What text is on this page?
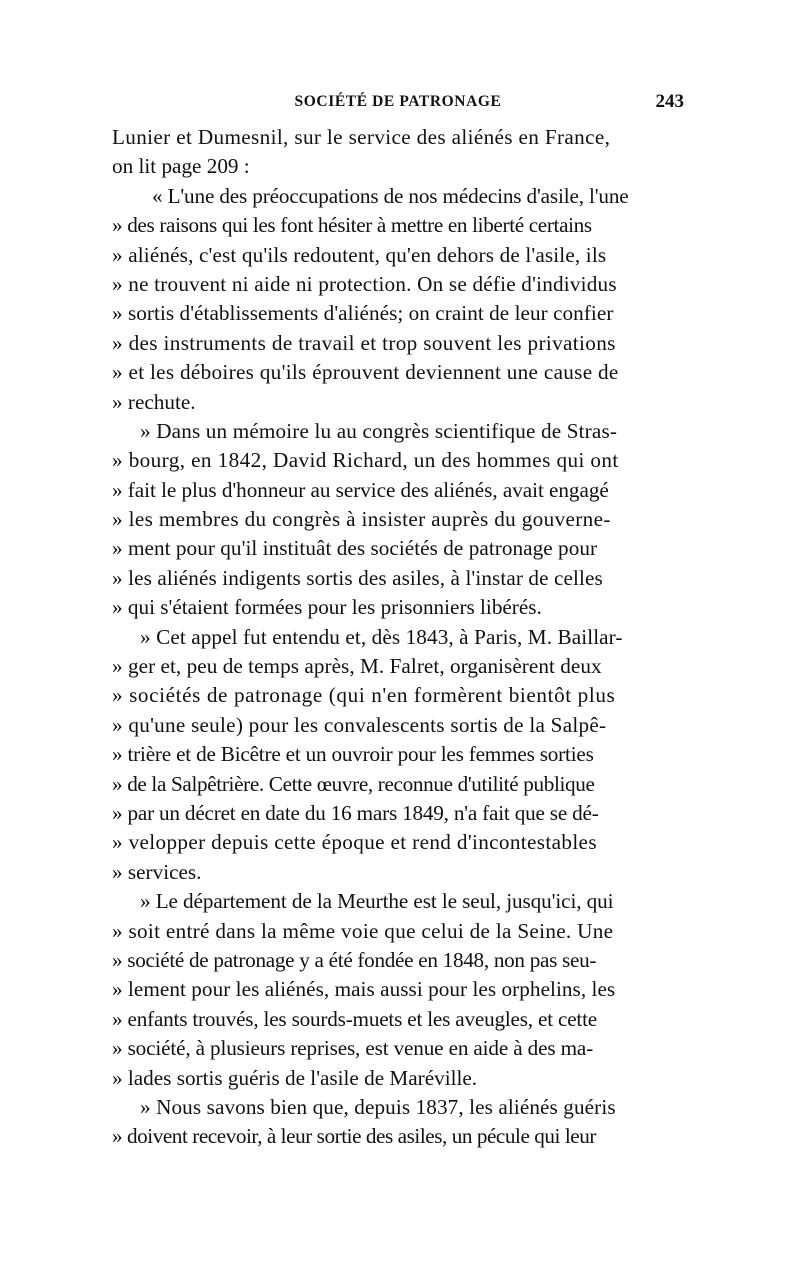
SOCIÉTÉ DE PATRONAGE	243
Lunier et Dumesnil, sur le service des aliénés en France,
on lit page 209 :
« L'une des préoccupations de nos médecins d'asile, l'une
» des raisons qui les font hésiter à mettre en liberté certains
» aliénés, c'est qu'ils redoutent, qu'en dehors de l'asile, ils
» ne trouvent ni aide ni protection. On se défie d'individus
» sortis d'établissements d'aliénés; on craint de leur confier
» des instruments de travail et trop souvent les privations
» et les déboires qu'ils éprouvent deviennent une cause de
» rechute.
» Dans un mémoire lu au congrès scientifique de Stras-
» bourg, en 1842, David Richard, un des hommes qui ont
» fait le plus d'honneur au service des aliénés, avait engagé
» les membres du congrès à insister auprès du gouverne-
» ment pour qu'il instituât des sociétés de patronage pour
» les aliénés indigents sortis des asiles, à l'instar de celles
» qui s'étaient formées pour les prisonniers libérés.
» Cet appel fut entendu et, dès 1843, à Paris, M. Baillar-
» ger et, peu de temps après, M. Falret, organisèrent deux
» sociétés de patronage (qui n'en formèrent bientôt plus
» qu'une seule) pour les convalescents sortis de la Salpê-
» trière et de Bicêtre et un ouvroir pour les femmes sorties
» de la Salpêtrière. Cette œuvre, reconnue d'utilité publique
» par un décret en date du 16 mars 1849, n'a fait que se dé-
» velopper depuis cette époque et rend d'incontestables
» services.
» Le département de la Meurthe est le seul, jusqu'ici, qui
» soit entré dans la même voie que celui de la Seine. Une
» société de patronage y a été fondée en 1848, non pas seu-
» lement pour les aliénés, mais aussi pour les orphelins, les
» enfants trouvés, les sourds-muets et les aveugles, et cette
» société, à plusieurs reprises, est venue en aide à des ma-
» lades sortis guéris de l'asile de Maréville.
» Nous savons bien que, depuis 1837, les aliénés guéris
» doivent recevoir, à leur sortie des asiles, un pécule qui leur
